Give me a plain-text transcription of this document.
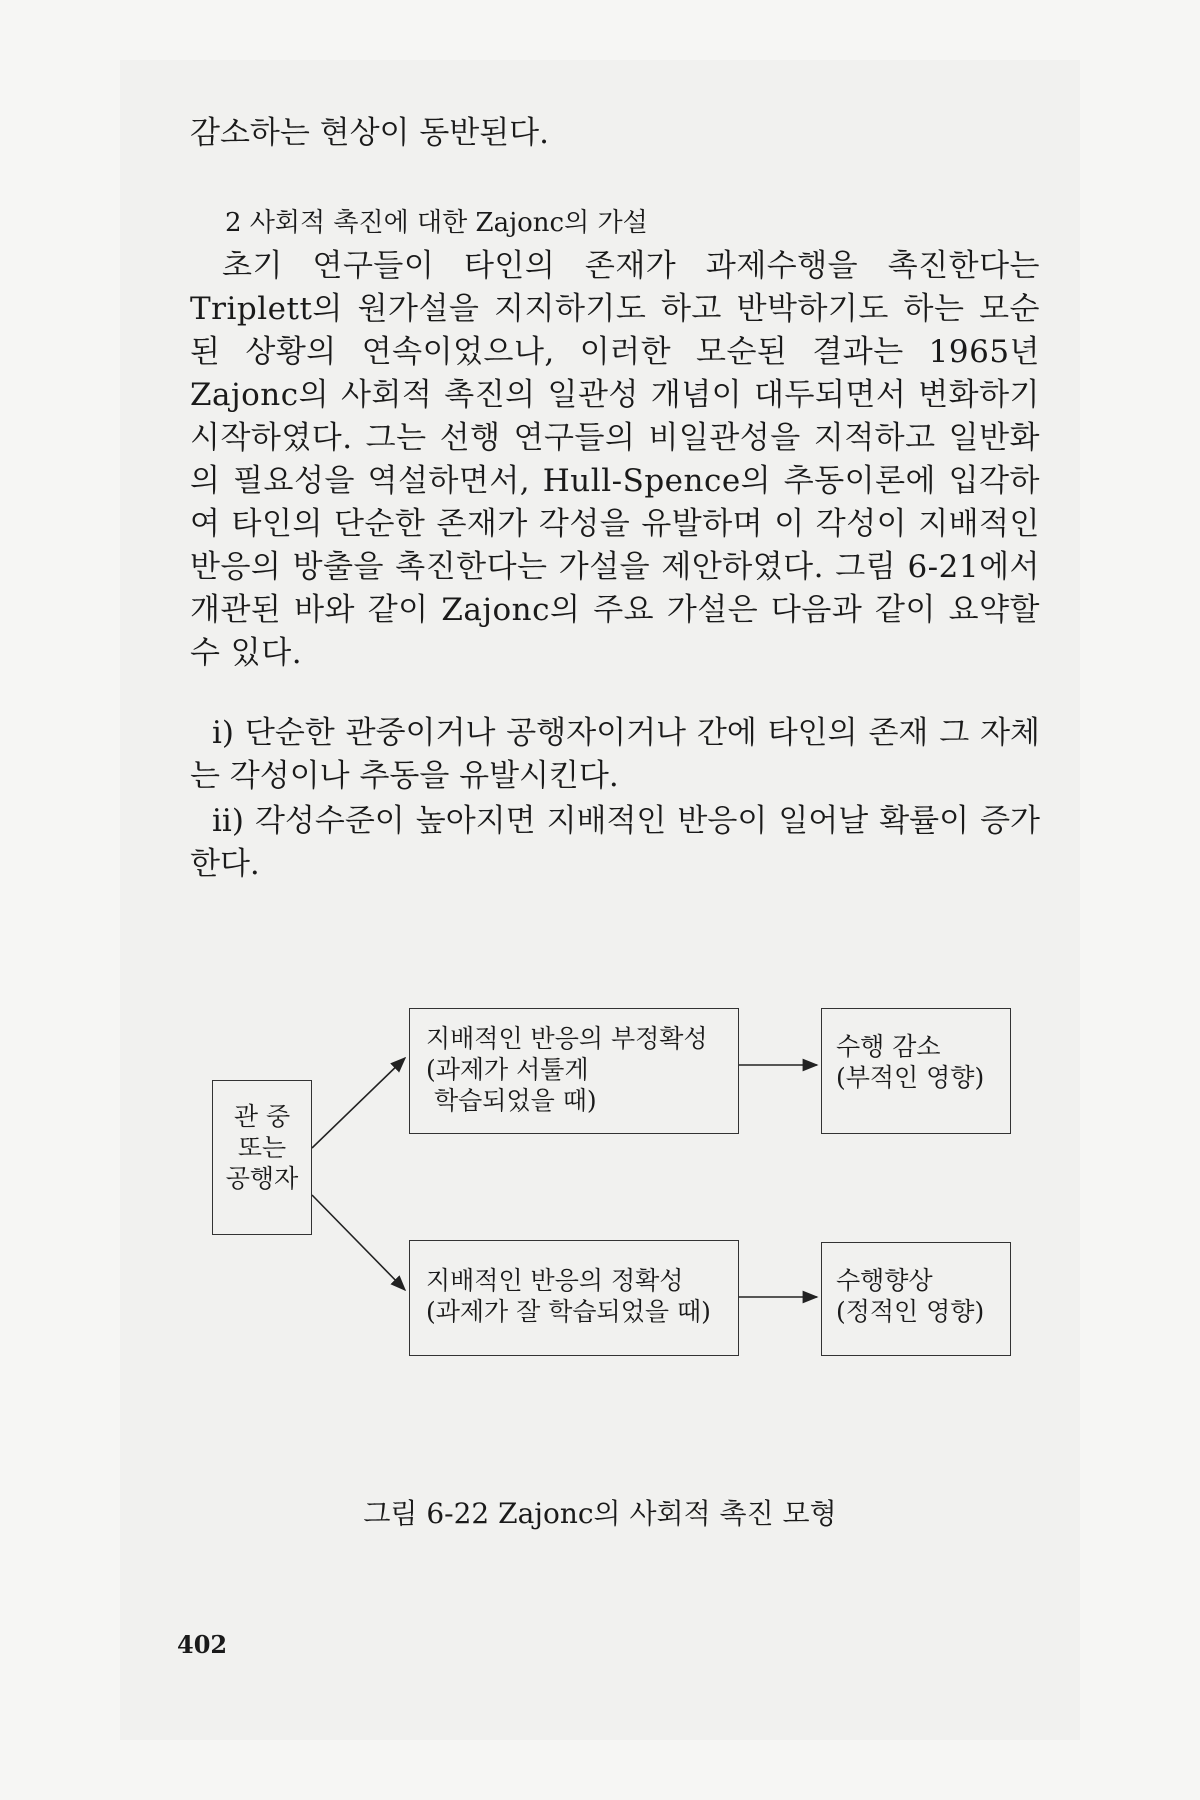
감소하는 현상이 동반된다.
2 사회적 촉진에 대한 Zajonc의 가설
초기 연구들이 타인의 존재가 과제수행을 촉진한다는 Triplett의 원가설을 지지하기도 하고 반박하기도 하는 모순된 상황의 연속이었으나, 이러한 모순된 결과는 1965년 Zajonc의 사회적 촉진의 일관성 개념이 대두되면서 변화하기 시작하였다. 그는 선행 연구들의 비일관성을 지적하고 일반화의 필요성을 역설하면서, Hull-Spence의 추동이론에 입각하여 타인의 단순한 존재가 각성을 유발하며 이 각성이 지배적인 반응의 방출을 촉진한다는 가설을 제안하였다. 그림 6-21에서 개관된 바와 같이 Zajonc의 주요 가설은 다음과 같이 요약할 수 있다.
i) 단순한 관중이거나 공행자이거나 간에 타인의 존재 그 자체는 각성이나 추동을 유발시킨다.
ii) 각성수준이 높아지면 지배적인 반응이 일어날 확률이 증가한다.
관 중
또는
공행자
지배적인 반응의 부정확성
(과제가 서툴게
학습되었을 때)
수행 감소
(부적인 영향)
지배적인 반응의 정확성
(과제가 잘 학습되었을 때)
수행향상
(정적인 영향)
그림 6-22 Zajonc의 사회적 촉진 모형
402
